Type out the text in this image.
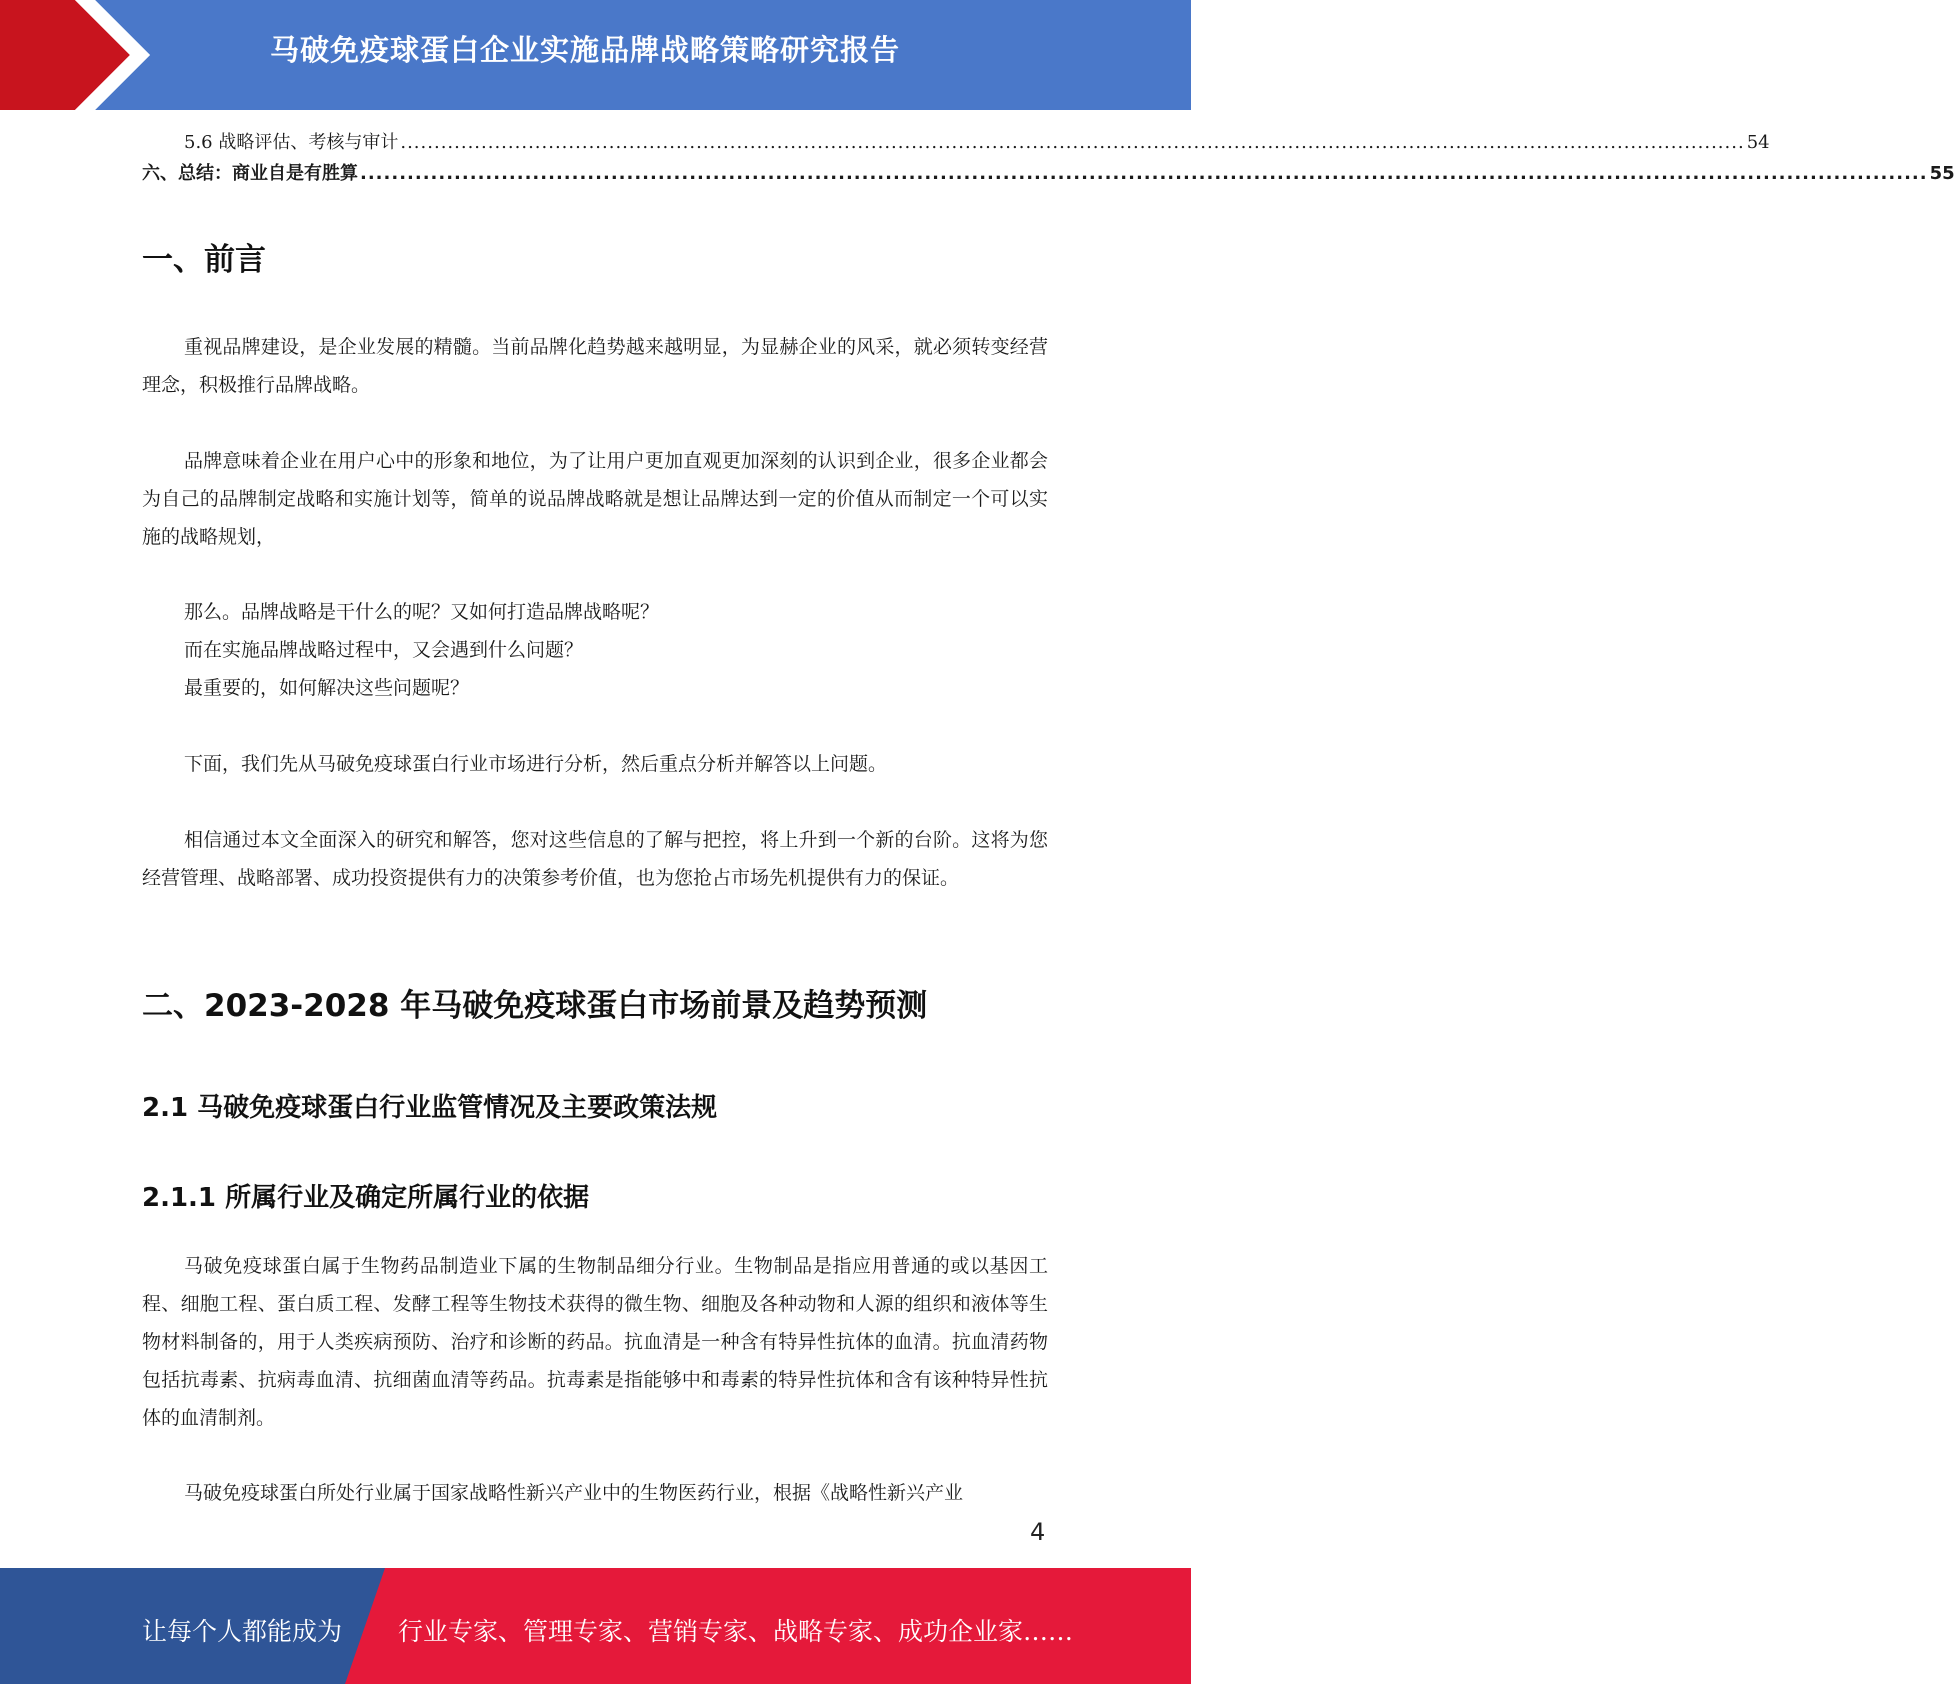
马破免疫球蛋白企业实施品牌战略策略研究报告
5.6 战略评估、考核与审计 ........................................................................................................................................................................................................ 54
六、总结：商业自是有胜算 ........................................................................................................................................................................................................ 55
一、前言

重视品牌建设，是企业发展的精髓。当前品牌化趋势越来越明显，为显赫企业的风采，就必须转变经营理念，积极推行品牌战略。

品牌意味着企业在用户心中的形象和地位，为了让用户更加直观更加深刻的认识到企业，很多企业都会为自己的品牌制定战略和实施计划等，简单的说品牌战略就是想让品牌达到一定的价值从而制定一个可以实施的战略规划，

那么。品牌战略是干什么的呢？又如何打造品牌战略呢？
而在实施品牌战略过程中，又会遇到什么问题？
最重要的，如何解决这些问题呢？

下面，我们先从马破免疫球蛋白行业市场进行分析，然后重点分析并解答以上问题。

相信通过本文全面深入的研究和解答，您对这些信息的了解与把控，将上升到一个新的台阶。这将为您经营管理、战略部署、成功投资提供有力的决策参考价值，也为您抢占市场先机提供有力的保证。

二、2023-2028 年马破免疫球蛋白市场前景及趋势预测
2.1 马破免疫球蛋白行业监管情况及主要政策法规
2.1.1 所属行业及确定所属行业的依据

马破免疫球蛋白属于生物药品制造业下属的生物制品细分行业。生物制品是指应用普通的或以基因工程、细胞工程、蛋白质工程、发酵工程等生物技术获得的微生物、细胞及各种动物和人源的组织和液体等生物材料制备的，用于人类疾病预防、治疗和诊断的药品。抗血清是一种含有特异性抗体的血清。抗血清药物包括抗毒素、抗病毒血清、抗细菌血清等药品。抗毒素是指能够中和毒素的特异性抗体和含有该种特异性抗体的血清制剂。

马破免疫球蛋白所处行业属于国家战略性新兴产业中的生物医药行业，根据《战略性新兴产业

4
让每个人都能成为 行业专家、管理专家、营销专家、战略专家、成功企业家……
